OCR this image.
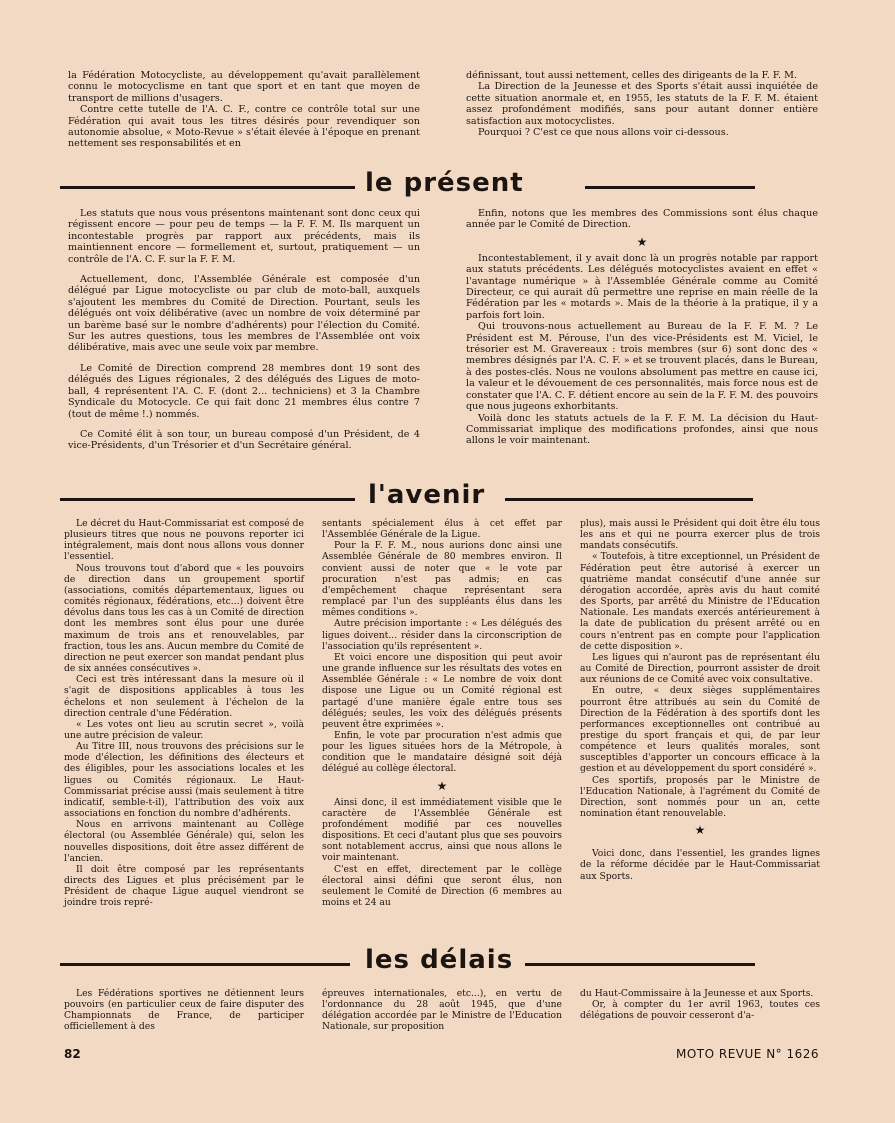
la Fédération Motocycliste, au développement qu'avait parallèlement connu le motocyclisme en tant que sport et en tant que moyen de transport de millions d'usagers.

Contre cette tutelle de l'A. C. F., contre ce contrôle total sur une Fédération qui avait tous les titres désirés pour revendiquer son autonomie absolue, « Moto-Revue » s'était élevée à l'époque en prenant nettement ses responsabilités et en

définissant, tout aussi nettement, celles des dirigeants de la F. F. M.

La Direction de la Jeunesse et des Sports s'était aussi inquiétée de cette situation anormale et, en 1955, les statuts de la F. F. M. étaient assez profondément modifiés, sans pour autant donner entière satisfaction aux motocyclistes.

Pourquoi ? C'est ce que nous allons voir ci-dessous.

le présent

Les statuts que nous vous présentons maintenant sont donc ceux qui régissent encore — pour peu de temps — la F. F. M. Ils marquent un incontestable progrès par rapport aux précédents, mais ils maintiennent encore — formellement et, surtout, pratiquement — un contrôle de l'A. C. F. sur la F. F. M.

Actuellement, donc, l'Assemblée Générale est composée d'un délégué par Ligue motocycliste ou par club de moto-ball, auxquels s'ajoutent les membres du Comité de Direction. Pourtant, seuls les délégués ont voix délibérative (avec un nombre de voix déterminé par un barème basé sur le nombre d'adhérents) pour l'élection du Comité. Sur les autres questions, tous les membres de l'Assemblée ont voix délibérative, mais avec une seule voix par membre.

Le Comité de Direction comprend 28 membres dont 19 sont des délégués des Ligues régionales, 2 des délégués des Ligues de moto-ball, 4 représentent l'A. C. F. (dont 2... techniciens) et 3 la Chambre Syndicale du Motocycle. Ce qui fait donc 21 membres élus contre 7 (tout de même !.) nommés.

Ce Comité élit à son tour, un bureau composé d'un Président, de 4 vice-Présidents, d'un Trésorier et d'un Secrétaire général.

Enfin, notons que les membres des Commissions sont élus chaque année par le Comité de Direction.

★

Incontestablement, il y avait donc là un progrès notable par rapport aux statuts précédents. Les délégués motocyclistes avaient en effet « l'avantage numérique » à l'Assemblée Générale comme au Comité Directeur, ce qui aurait dû permettre une reprise en main réelle de la Fédération par les « motards ». Mais de la théorie à la pratique, il y a parfois fort loin.

Qui trouvons-nous actuellement au Bureau de la F. F. M. ? Le Président est M. Pérouse, l'un des vice-Présidents est M. Viciel, le trésorier est M. Gravereaux : trois membres (sur 6) sont donc des « membres désignés par l'A. C. F. » et se trouvent placés, dans le Bureau, à des postes-clés. Nous ne voulons absolument pas mettre en cause ici, la valeur et le dévouement de ces personnalités, mais force nous est de constater que l'A. C. F. détient encore au sein de la F. F. M. des pouvoirs que nous jugeons exhorbitants.

Voilà donc les statuts actuels de la F. F. M. La décision du Haut-Commissariat implique des modifications profondes, ainsi que nous allons le voir maintenant.

l'avenir

Le décret du Haut-Commissariat est composé de plusieurs titres que nous ne pouvons reporter ici intégralement, mais dont nous allons vous donner l'essentiel.

Nous trouvons tout d'abord que « les pouvoirs de direction dans un groupement sportif (associations, comités départementaux, ligues ou comités régionaux, fédérations, etc...) doivent être dévolus dans tous les cas à un Comité de direction dont les membres sont élus pour une durée maximum de trois ans et renouvelables, par fraction, tous les ans. Aucun membre du Comité de direction ne peut exercer son mandat pendant plus de six années consécutives ».

Ceci est très intéressant dans la mesure où il s'agit de dispositions applicables à tous les échelons et non seulement à l'échelon de la direction centrale d'une Fédération.

« Les votes ont lieu au scrutin secret », voilà une autre précision de valeur.

Au Titre III, nous trouvons des précisions sur le mode d'élection, les définitions des électeurs et des éligibles, pour les associations locales et les ligues ou Comités régionaux. Le Haut-Commissariat précise aussi (mais seulement à titre indicatif, semble-t-il), l'attribution des voix aux associations en fonction du nombre d'adhérents.

Nous en arrivons maintenant au Collège électoral (ou Assemblée Générale) qui, selon les nouvelles dispositions, doit être assez différent de l'ancien.

Il doit être composé par les représentants directs des Ligues et plus précisément par le Président de chaque Ligue auquel viendront se joindre trois repré-

sentants spécialement élus à cet effet par l'Assemblée Générale de la Ligue.

Pour la F. F. M., nous aurions donc ainsi une Assemblée Générale de 80 membres environ. Il convient aussi de noter que « le vote par procuration n'est pas admis; en cas d'empêchement chaque représentant sera remplacé par l'un des suppléants élus dans les mêmes conditions ».

Autre précision importante : « Les délégués des ligues doivent... résider dans la circonscription de l'association qu'ils représentent ».

Et voici encore une disposition qui peut avoir une grande influence sur les résultats des votes en Assemblée Générale : « Le nombre de voix dont dispose une Ligue ou un Comité régional est partagé d'une manière égale entre tous ses délégués; seules, les voix des délégués présents peuvent être exprimées ».

Enfin, le vote par procuration n'est admis que pour les ligues situées hors de la Métropole, à condition que le mandataire désigné soit déjà délégué au collège électoral.

★

Ainsi donc, il est immédiatement visible que le caractère de l'Assemblée Générale est profondément modifié par ces nouvelles dispositions. Et ceci d'autant plus que ses pouvoirs sont notablement accrus, ainsi que nous allons le voir maintenant.

C'est en effet, directement par le collège électoral ainsi défini que seront élus, non seulement le Comité de Direction (6 membres au moins et 24 au

plus), mais aussi le Président qui doit être élu tous les ans et qui ne pourra exercer plus de trois mandats consécutifs.

« Toutefois, à titre exceptionnel, un Président de Fédération peut être autorisé à exercer un quatrième mandat consécutif d'une année sur dérogation accordée, après avis du haut comité des Sports, par arrêté du Ministre de l'Education Nationale. Les mandats exercés antérieurement à la date de publication du présent arrêté ou en cours n'entrent pas en compte pour l'application de cette disposition ».

Les ligues qui n'auront pas de représentant élu au Comité de Direction, pourront assister de droit aux réunions de ce Comité avec voix consultative.

En outre, « deux sièges supplémentaires pourront être attribués au sein du Comité de Direction de la Fédération à des sportifs dont les performances exceptionnelles ont contribué au prestige du sport français et qui, de par leur compétence et leurs qualités morales, sont susceptibles d'apporter un concours efficace à la gestion et au développement du sport considéré ».

Ces sportifs, proposés par le Ministre de l'Education Nationale, à l'agrément du Comité de Direction, sont nommés pour un an, cette nomination étant renouvelable.

★

Voici donc, dans l'essentiel, les grandes lignes de la réforme décidée par le Haut-Commissariat aux Sports.

les délais

Les Fédérations sportives ne détiennent leurs pouvoirs (en particulier ceux de faire disputer des Championnats de France, de participer officiellement à des

épreuves internationales, etc...), en vertu de l'ordonnance du 28 août 1945, que d'une délégation accordée par le Ministre de l'Education Nationale, sur proposition

du Haut-Commissaire à la Jeunesse et aux Sports.

Or, à compter du 1er avril 1963, toutes ces délégations de pouvoir cesseront d'a-

82	MOTO REVUE N° 1626
